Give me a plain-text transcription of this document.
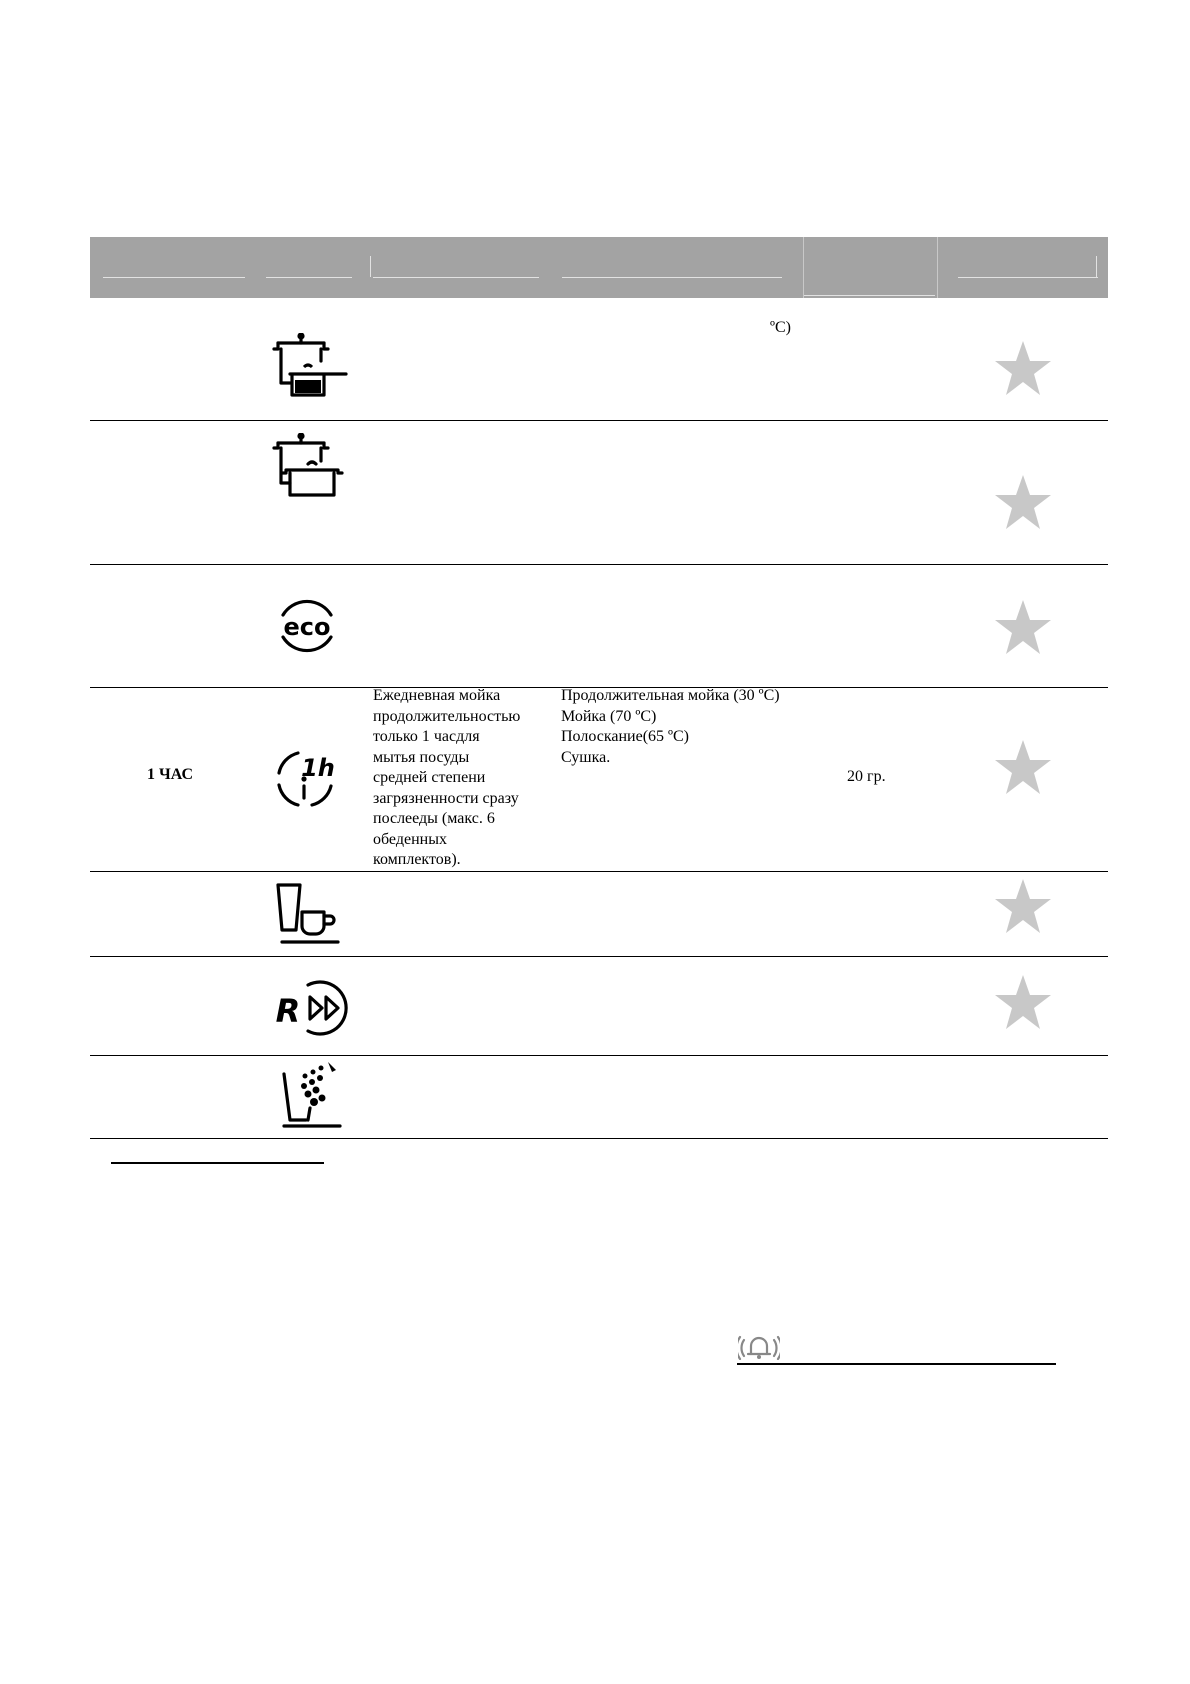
ºC)
eco
1 ЧАС	1h
Ежедневная мойка
продолжительностью
только 1 часдля
мытья посуды
средней степени
загрязненности сразу
послееды (макс. 6
обеденных
комплектов).
Продолжительная мойка (30 ºC)
Мойка (70 ºC)
Полоскание(65 ºC)
Сушка.
20 гр.
R
